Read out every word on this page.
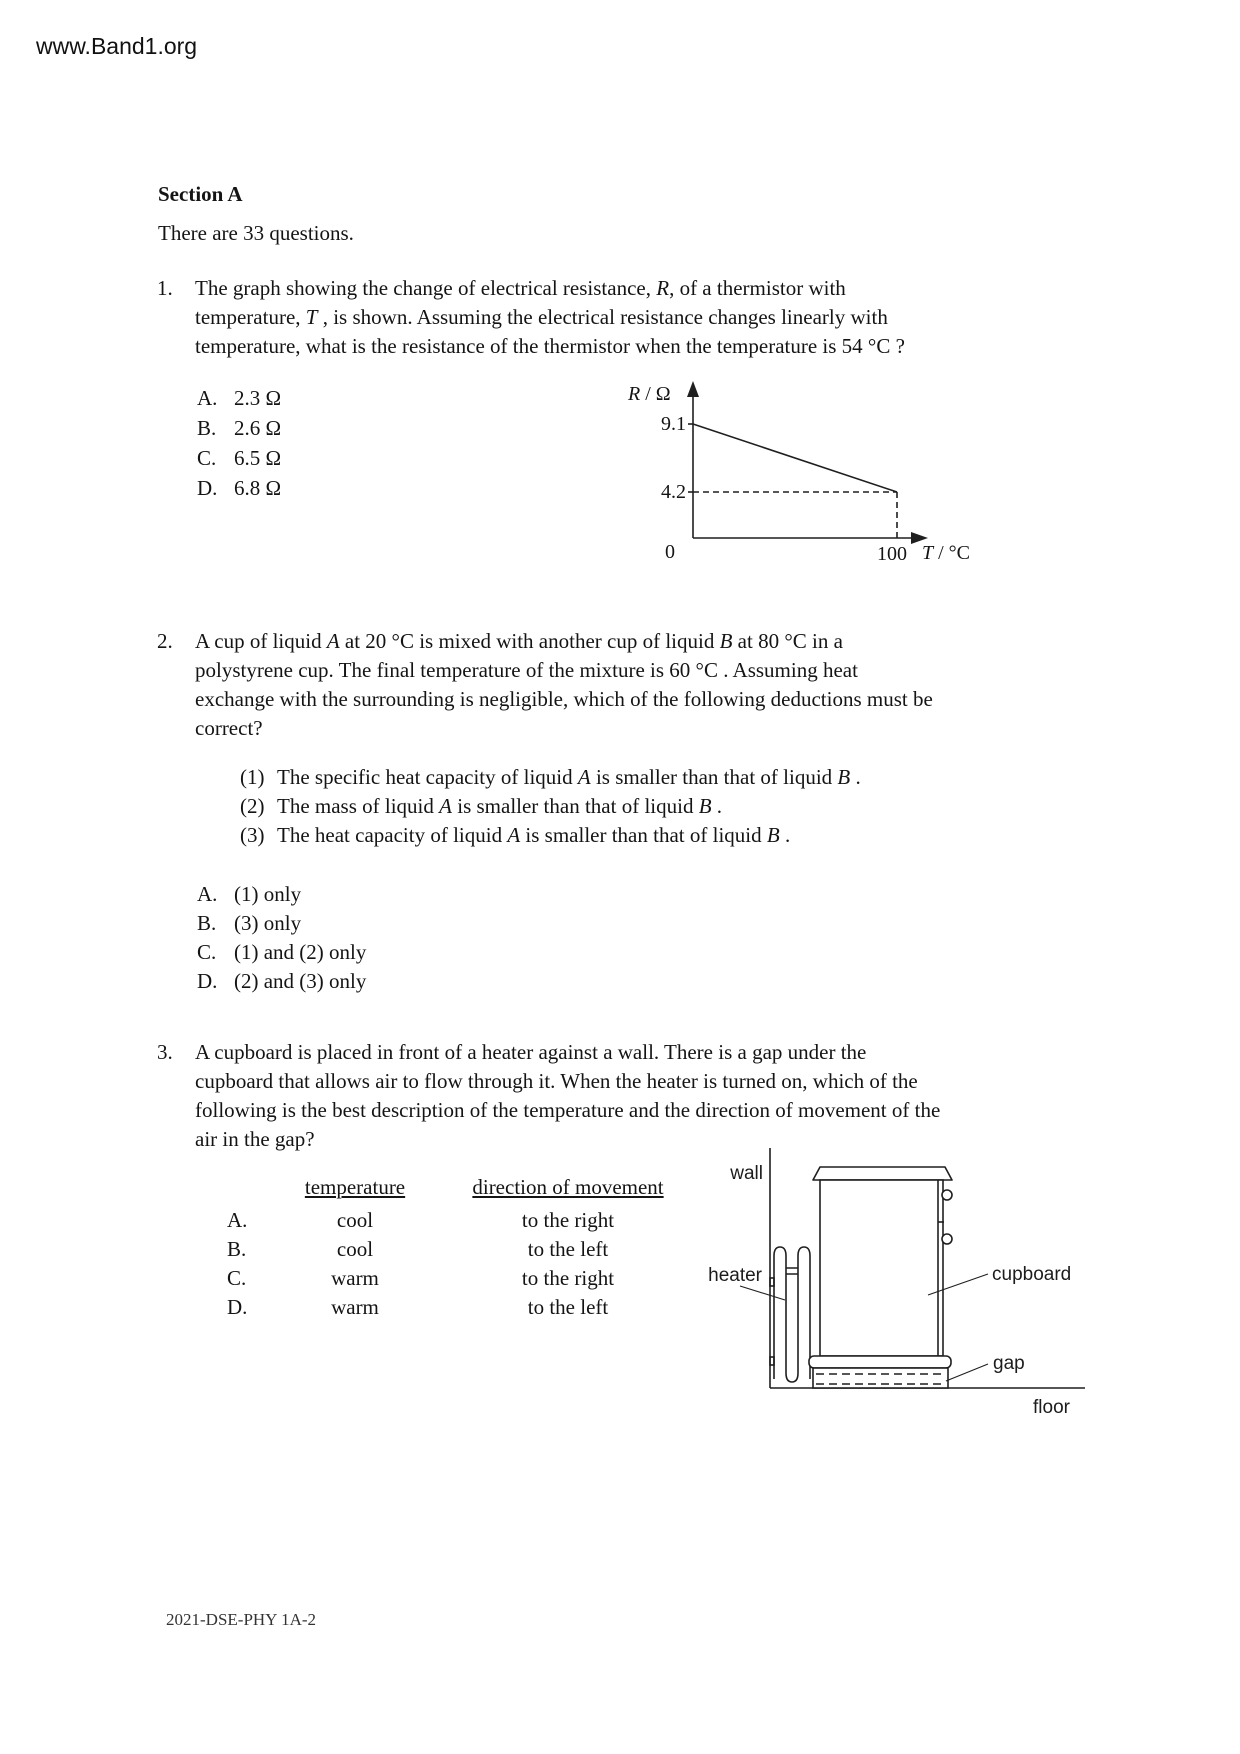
www.Band1.org
Section A
There are 33 questions.
1. The graph showing the change of electrical resistance, R, of a thermistor with
temperature, T , is shown. Assuming the electrical resistance changes linearly with
temperature, what is the resistance of the thermistor when the temperature is 54 °C ?
A. 2.3 Ω
B. 2.6 Ω
C. 6.5 Ω
D. 6.8 Ω
R / Ω
9.1
4.2
0	100 T / °C
2. A cup of liquid A at 20 °C is mixed with another cup of liquid B at 80 °C in a
polystyrene cup. The final temperature of the mixture is 60 °C . Assuming heat
exchange with the surrounding is negligible, which of the following deductions must be
correct?
(1) The specific heat capacity of liquid A is smaller than that of liquid B .
(2) The mass of liquid A is smaller than that of liquid B .
(3) The heat capacity of liquid A is smaller than that of liquid B .
A. (1) only
B. (3) only
C. (1) and (2) only
D. (2) and (3) only
3. A cupboard is placed in front of a heater against a wall. There is a gap under the
cupboard that allows air to flow through it. When the heater is turned on, which of the
following is the best description of the temperature and the direction of movement of the
air in the gap?
temperature	direction of movement
A.	cool	to the right
B.	cool	to the left
C.	warm	to the right
D.	warm	to the left
wall
heater	cupboard
gap
floor
2021-DSE-PHY 1A-2
